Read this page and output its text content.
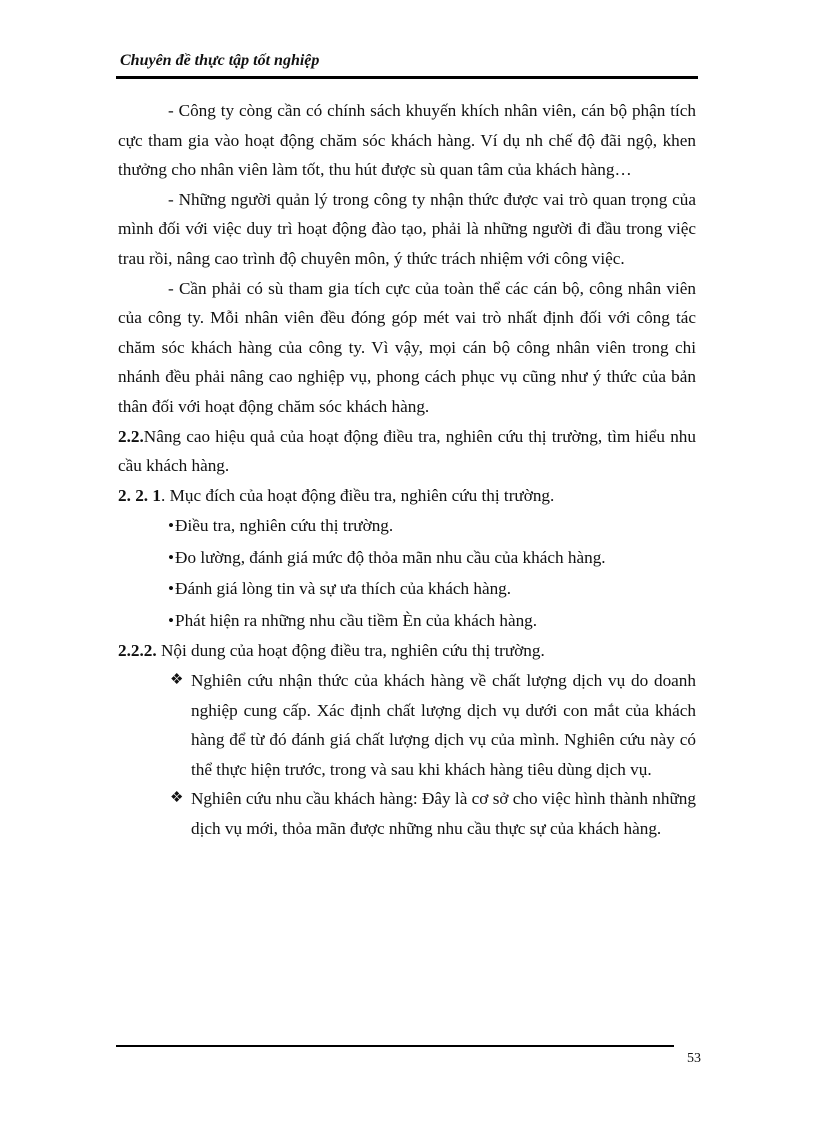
Chuyên đề thực tập tốt nghiệp

- Công ty còng cần có chính sách khuyến khích nhân viên, cán bộ phận tích cực tham gia vào hoạt động chăm sóc khách hàng. Ví dụ nh chế độ đãi ngộ, khen thưởng cho nhân viên làm tốt, thu hút được sù quan tâm của khách hàng…

- Những người quản lý trong công ty nhận thức được vai trò quan trọng của mình đối với việc duy trì hoạt động đào tạo, phải là những người đi đầu trong việc trau rồi, nâng cao trình độ chuyên môn, ý thức trách nhiệm với công việc.

- Cần phải có sù tham gia tích cực của toàn thể các cán bộ, công nhân viên của công ty. Mỗi nhân viên đều đóng góp mét vai trò nhất định đối với công tác chăm sóc khách hàng của công ty. Vì vậy, mọi cán bộ công nhân viên trong chi nhánh đều phải nâng cao nghiệp vụ, phong cách phục vụ cũng như ý thức của bản thân đối với hoạt động chăm sóc khách hàng.

2.2.Nâng cao hiệu quả của hoạt động điều tra, nghiên cứu thị trường, tìm hiểu nhu cầu khách hàng.

2. 2. 1. Mục đích của hoạt động điều tra, nghiên cứu thị trường.

•Điều tra, nghiên cứu thị trường.

•Đo lường, đánh giá mức độ thỏa mãn nhu cầu của khách hàng.

•Đánh giá lòng tin và sự ưa thích của khách hàng.

•Phát hiện ra những nhu cầu tiềm Èn của khách hàng.

2.2.2. Nội dung của hoạt động điều tra, nghiên cứu thị trường.

❖ Nghiên cứu nhận thức của khách hàng về chất lượng dịch vụ do doanh nghiệp cung cấp. Xác định chất lượng dịch vụ dưới con mắt của khách hàng để từ đó đánh giá chất lượng dịch vụ của mình. Nghiên cứu này có thể thực hiện trước, trong và sau khi khách hàng tiêu dùng dịch vụ.

❖ Nghiên cứu nhu cầu khách hàng: Đây là cơ sở cho việc hình thành những dịch vụ mới, thỏa mãn được những nhu cầu thực sự của khách hàng.

53
